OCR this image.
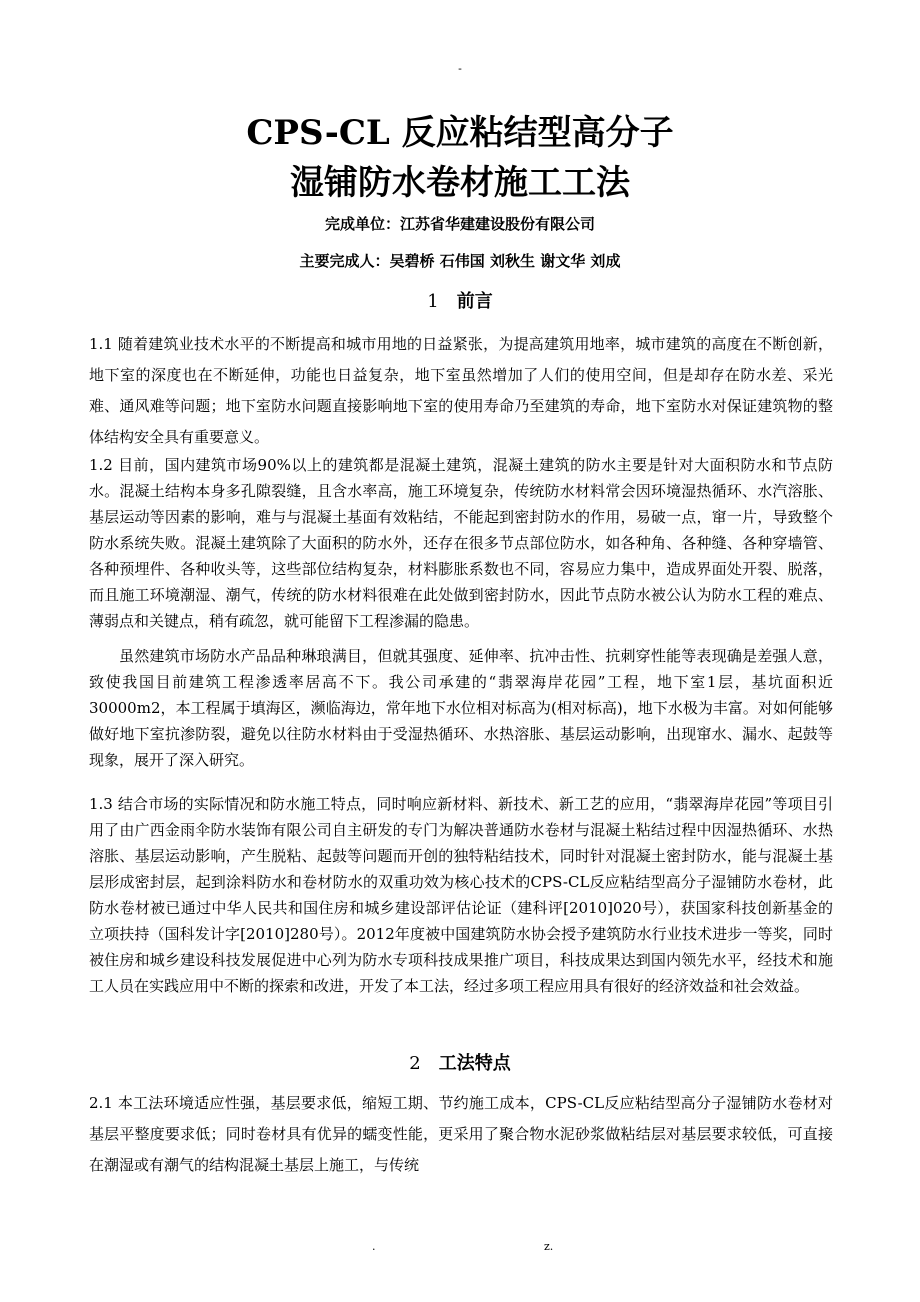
-
CPS-CL 反应粘结型高分子
湿铺防水卷材施工工法
完成单位：江苏省华建建设股份有限公司
主要完成人：吴碧桥 石伟国 刘秋生 谢文华 刘成
1 前言

1.1 随着建筑业技术水平的不断提高和城市用地的日益紧张，为提高建筑用地率，城市建筑的高度在不断创新，地下室的深度也在不断延伸，功能也日益复杂，地下室虽然增加了人们的使用空间，但是却存在防水差、采光难、通风难等问题；地下室防水问题直接影响地下室的使用寿命乃至建筑的寿命，地下室防水对保证建筑物的整体结构安全具有重要意义。

1.2 目前，国内建筑市场90%以上的建筑都是混凝土建筑，混凝土建筑的防水主要是针对大面积防水和节点防水。混凝土结构本身多孔隙裂缝，且含水率高，施工环境复杂，传统防水材料常会因环境湿热循环、水汽溶胀、基层运动等因素的影响，难与与混凝土基面有效粘结，不能起到密封防水的作用，易破一点，窜一片，导致整个防水系统失败。混凝土建筑除了大面积的防水外，还存在很多节点部位防水，如各种角、各种缝、各种穿墙管、各种预埋件、各种收头等，这些部位结构复杂，材料膨胀系数也不同，容易应力集中，造成界面处开裂、脱落，而且施工环境潮湿、潮气，传统的防水材料很难在此处做到密封防水，因此节点防水被公认为防水工程的难点、薄弱点和关键点，稍有疏忽，就可能留下工程渗漏的隐患。

虽然建筑市场防水产品品种琳琅满目，但就其强度、延伸率、抗冲击性、抗刺穿性能等表现确是差强人意，致使我国目前建筑工程渗透率居高不下。我公司承建的“翡翠海岸花园”工程，地下室1层，基坑面积近30000m2，本工程属于填海区，濒临海边，常年地下水位相对标高为(相对标高)，地下水极为丰富。对如何能够做好地下室抗渗防裂，避免以往防水材料由于受湿热循环、水热溶胀、基层运动影响，出现窜水、漏水、起鼓等现象，展开了深入研究。

1.3 结合市场的实际情况和防水施工特点，同时响应新材料、新技术、新工艺的应用，“翡翠海岸花园”等项目引用了由广西金雨伞防水装饰有限公司自主研发的专门为解决普通防水卷材与混凝土粘结过程中因湿热循环、水热溶胀、基层运动影响，产生脱粘、起鼓等问题而开创的独特粘结技术，同时针对混凝土密封防水，能与混凝土基层形成密封层，起到涂料防水和卷材防水的双重功效为核心技术的CPS-CL反应粘结型高分子湿铺防水卷材，此防水卷材被已通过中华人民共和国住房和城乡建设部评估论证（建科评[2010]020号），获国家科技创新基金的立项扶持（国科发计字[2010]280号）。2012年度被中国建筑防水协会授予建筑防水行业技术进步一等奖，同时被住房和城乡建设科技发展促进中心列为防水专项科技成果推广项目，科技成果达到国内领先水平，经技术和施工人员在实践应用中不断的探索和改进，开发了本工法，经过多项工程应用具有很好的经济效益和社会效益。

2 工法特点

2.1 本工法环境适应性强，基层要求低，缩短工期、节约施工成本，CPS-CL反应粘结型高分子湿铺防水卷材对基层平整度要求低；同时卷材具有优异的蠕变性能，更采用了聚合物水泥砂浆做粘结层对基层要求较低，可直接在潮湿或有潮气的结构混凝土基层上施工，与传统

.	z.
